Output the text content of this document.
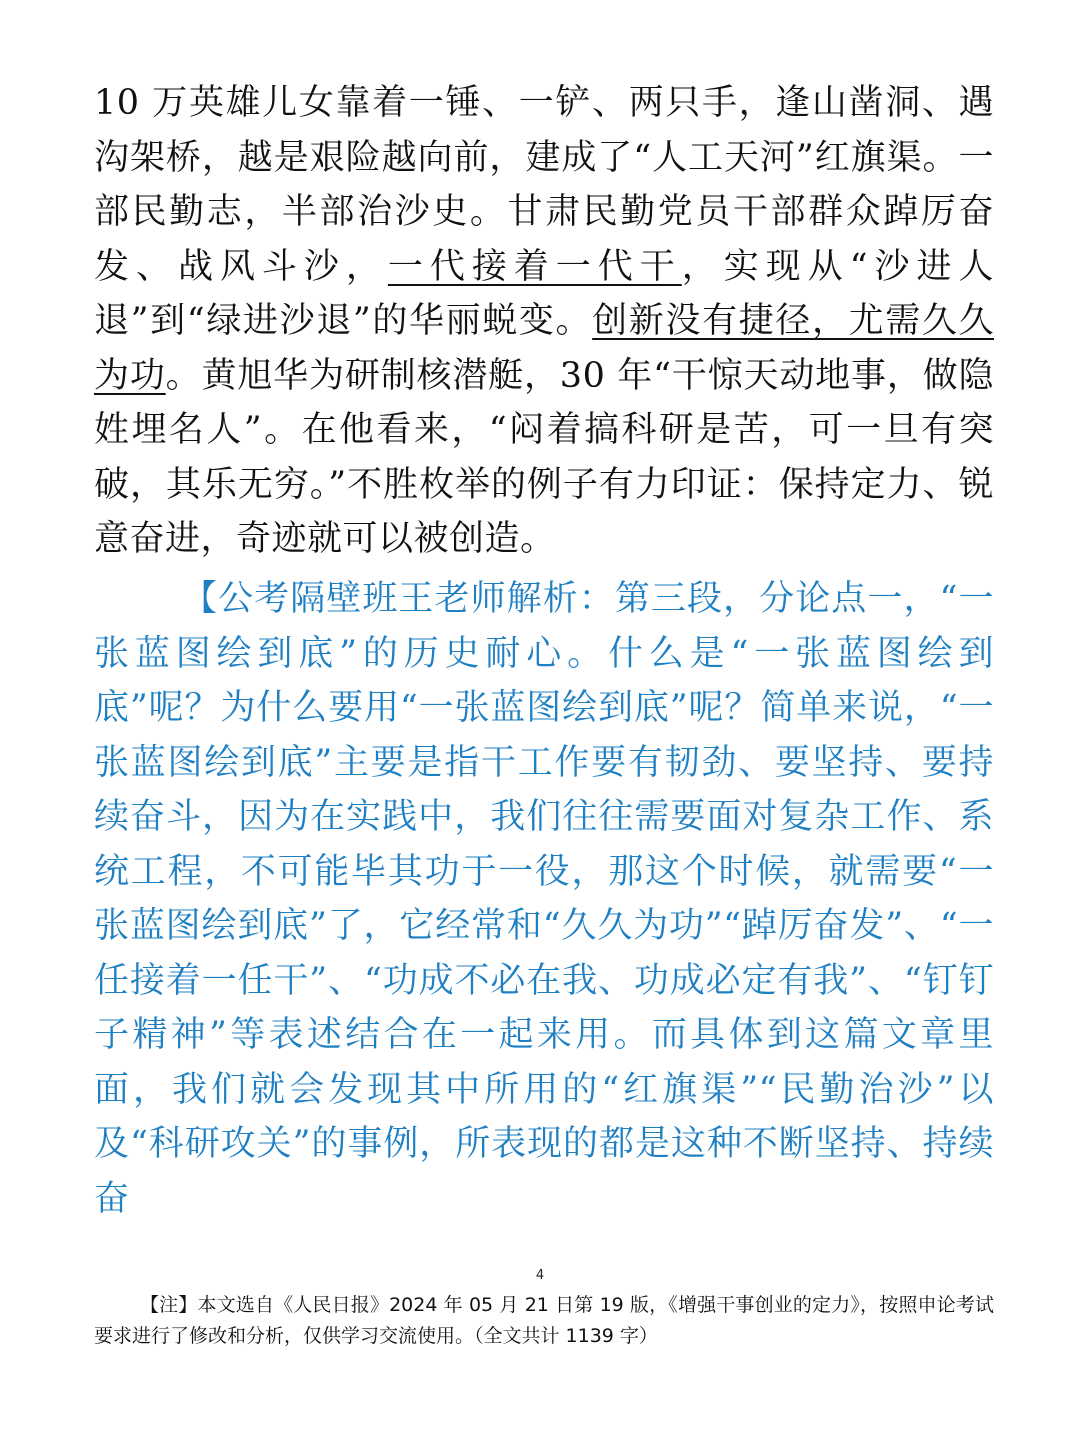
10 万英雄儿女靠着一锤、一铲、两只手，逢山凿洞、遇沟架桥，越是艰险越向前，建成了“人工天河”红旗渠。一部民勤志，半部治沙史。甘肃民勤党员干部群众踔厉奋发、战风斗沙，一代接着一代干，实现从“沙进人退”到“绿进沙退”的华丽蜕变。创新没有捷径，尤需久久为功。黄旭华为研制核潜艇，30 年“干惊天动地事，做隐姓埋名人”。在他看来，“闷着搞科研是苦，可一旦有突破，其乐无穷。”不胜枚举的例子有力印证：保持定力、锐意奋进，奇迹就可以被创造。

【公考隔壁班王老师解析：第三段，分论点一，“一张蓝图绘到底”的历史耐心。什么是“一张蓝图绘到底”呢？为什么要用“一张蓝图绘到底”呢？简单来说，“一张蓝图绘到底”主要是指干工作要有韧劲、要坚持、要持续奋斗，因为在实践中，我们往往需要面对复杂工作、系统工程，不可能毕其功于一役，那这个时候，就需要“一张蓝图绘到底”了，它经常和“久久为功”“踔厉奋发”、“一任接着一任干”、“功成不必在我、功成必定有我”、“钉钉子精神”等表述结合在一起来用。而具体到这篇文章里面，我们就会发现其中所用的“红旗渠”“民勤治沙”以及“科研攻关”的事例，所表现的都是这种不断坚持、持续奋

4

【注】本文选自《人民日报》2024 年 05 月 21 日第 19 版，《增强干事创业的定力》，按照申论考试要求进行了修改和分析，仅供学习交流使用。（全文共计 1139 字）
